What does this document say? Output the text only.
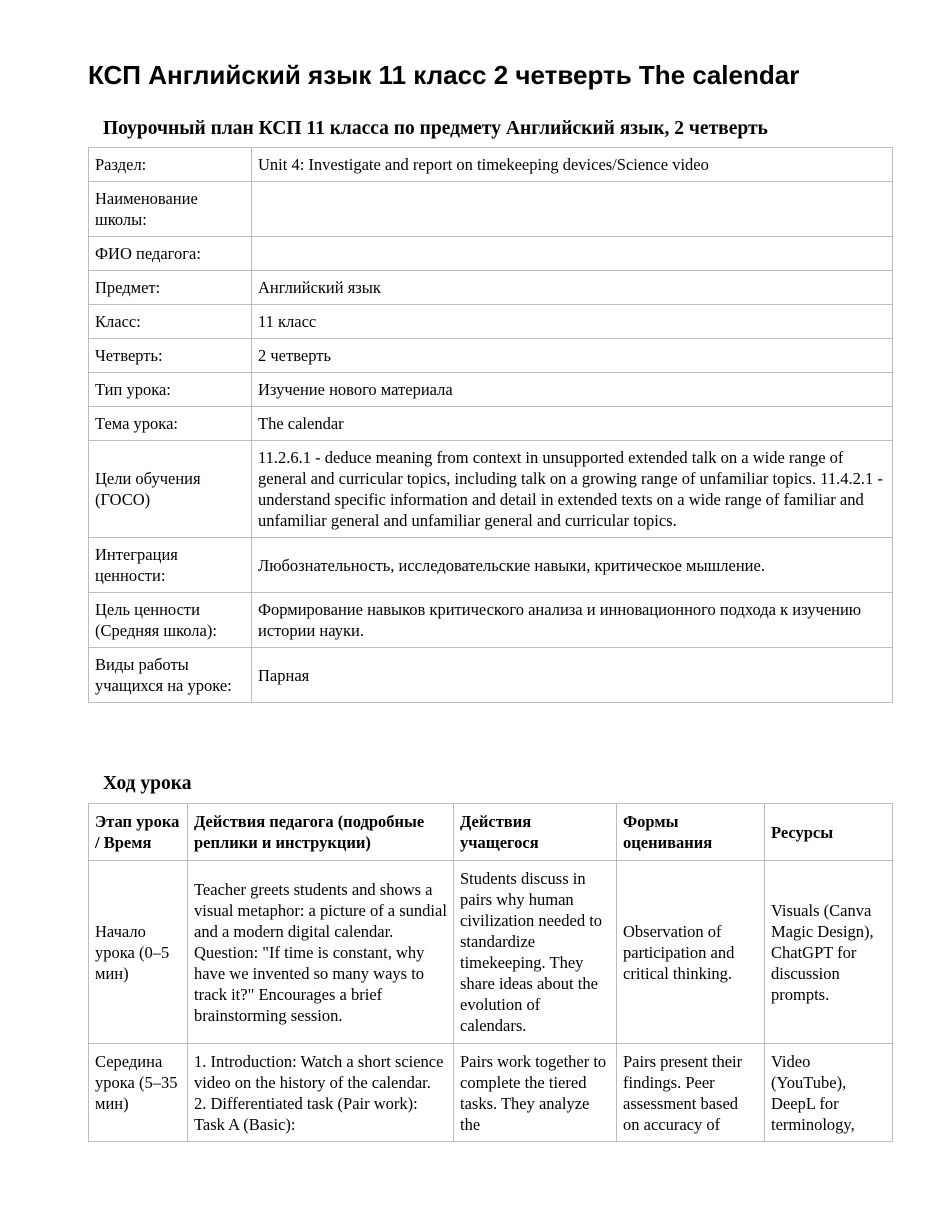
КСП Английский язык 11 класс 2 четверть The calendar
Поурочный план КСП 11 класса по предмету Английский язык, 2 четверть
Раздел:	Unit 4: Investigate and report on timekeeping devices/Science video
Наименование школы:	
ФИО педагога:	
Предмет:	Английский язык
Класс:	11 класс
Четверть:	2 четверть
Тип урока:	Изучение нового материала
Тема урока:	The calendar
Цели обучения (ГОСО)	11.2.6.1 - deduce meaning from context in unsupported extended talk on a wide range of general and curricular topics, including talk on a growing range of unfamiliar topics. 11.4.2.1 - understand specific information and detail in extended texts on a wide range of familiar and unfamiliar general and unfamiliar general and curricular topics.
Интеграция ценности:	Любознательность, исследовательские навыки, критическое мышление.
Цель ценности (Средняя школа):	Формирование навыков критического анализа и инновационного подхода к изучению истории науки.
Виды работы учащихся на уроке:	Парная
Ход урока
Этап урока / Время	Действия педагога (подробные реплики и инструкции)	Действия учащегося	Формы оценивания	Ресурсы
Начало урока (0–5 мин)	Teacher greets students and shows a visual metaphor: a picture of a sundial and a modern digital calendar. Question: "If time is constant, why have we invented so many ways to track it?" Encourages a brief brainstorming session.	Students discuss in pairs why human civilization needed to standardize timekeeping. They share ideas about the evolution of calendars.	Observation of participation and critical thinking.	Visuals (Canva Magic Design), ChatGPT for discussion prompts.

Середина урока (5–35 мин)	1. Introduction: Watch a short science video on the history of the calendar. 2. Differentiated task (Pair work): Task A (Basic):	Pairs work together to complete the tiered tasks. They analyze the	Pairs present their findings. Peer assessment based on accuracy of	Video (YouTube), DeepL for terminology,
